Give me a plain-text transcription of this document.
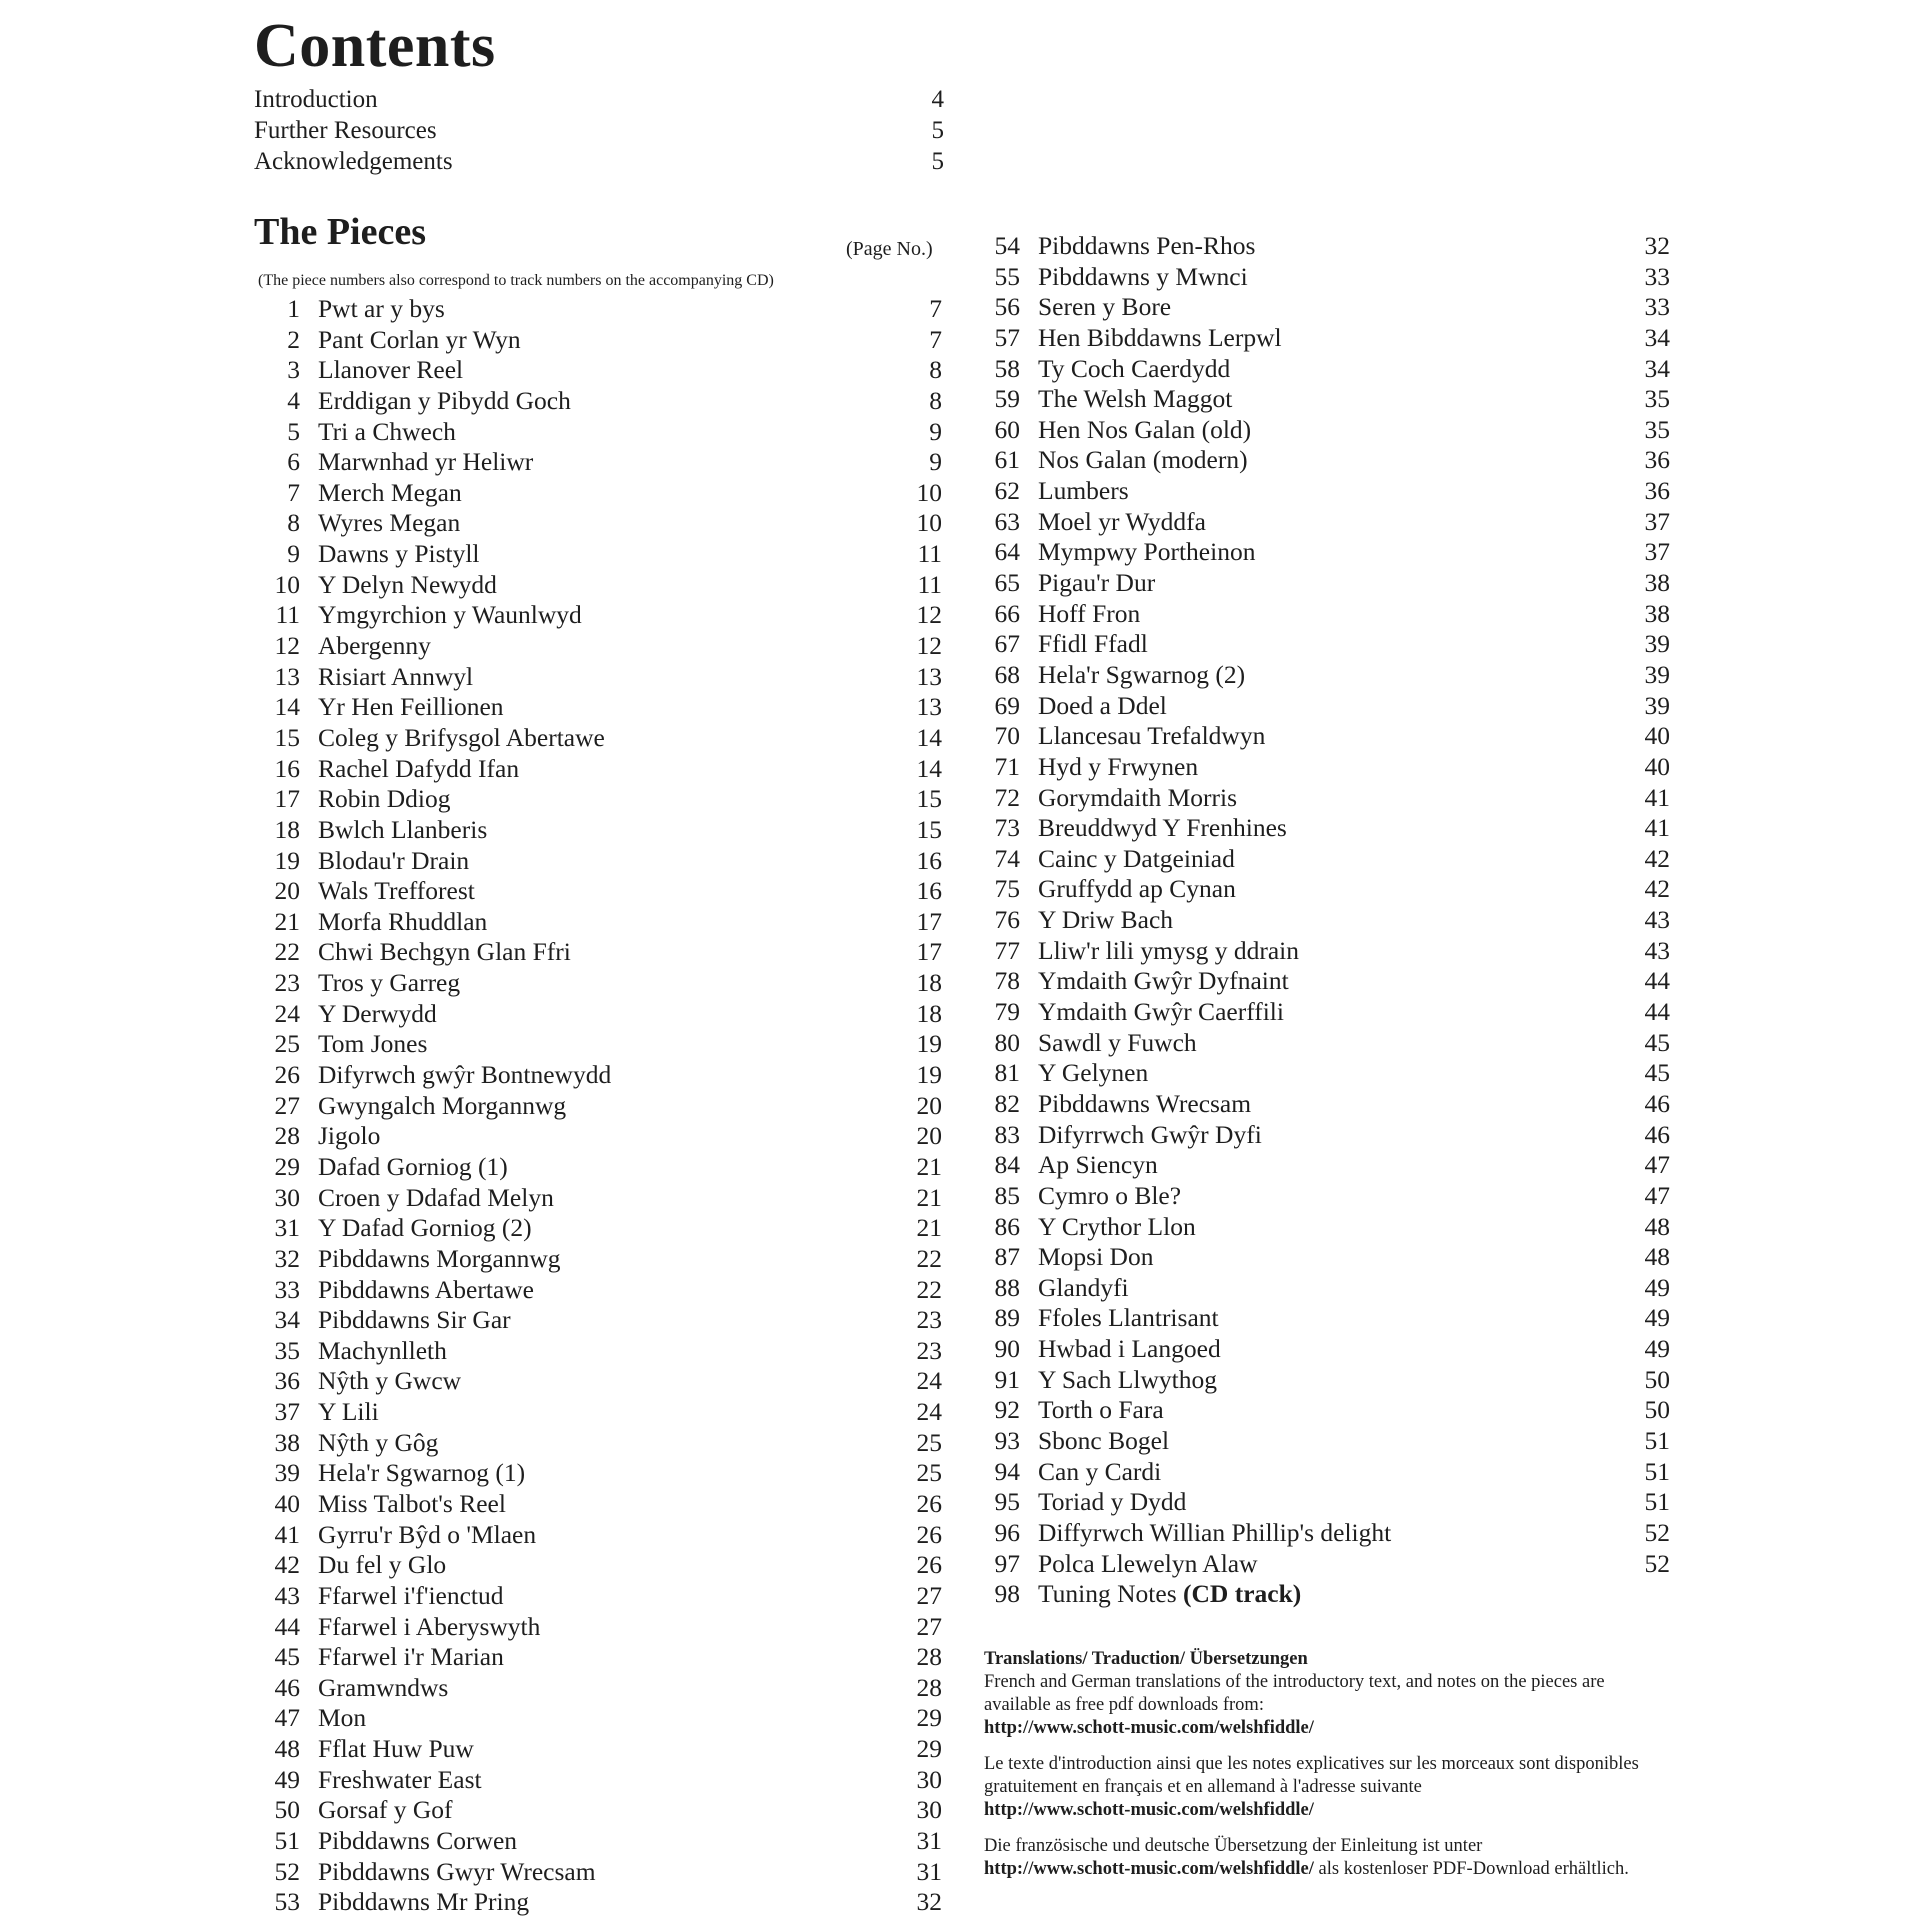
Contents
Introduction	4
Further Resources	5
Acknowledgements	5
The Pieces	(Page No.)
(The piece numbers also correspond to track numbers on the accompanying CD)
1 Pwt ar y bys	7
2 Pant Corlan yr Wyn	7
3 Llanover Reel	8
4 Erddigan y Pibydd Goch	8
5 Tri a Chwech	9
6 Marwnhad yr Heliwr	9
7 Merch Megan	10
8 Wyres Megan	10
9 Dawns y Pistyll	11
10 Y Delyn Newydd	11
11 Ymgyrchion y Waunlwyd	12
12 Abergenny	12
13 Risiart Annwyl	13
14 Yr Hen Feillionen	13
15 Coleg y Brifysgol Abertawe	14
16 Rachel Dafydd Ifan	14
17 Robin Ddiog	15
18 Bwlch Llanberis	15
19 Blodau'r Drain	16
20 Wals Trefforest	16
21 Morfa Rhuddlan	17
22 Chwi Bechgyn Glan Ffri	17
23 Tros y Garreg	18
24 Y Derwydd	18
25 Tom Jones	19
26 Difyrwch gwŷr Bontnewydd	19
27 Gwyngalch Morgannwg	20
28 Jigolo	20
29 Dafad Gorniog (1)	21
30 Croen y Ddafad Melyn	21
31 Y Dafad Gorniog (2)	21
32 Pibddawns Morgannwg	22
33 Pibddawns Abertawe	22
34 Pibddawns Sir Gar	23
35 Machynlleth	23
36 Nŷth y Gwcw	24
37 Y Lili	24
38 Nŷth y Gôg	25
39 Hela'r Sgwarnog (1)	25
40 Miss Talbot's Reel	26
41 Gyrru'r Bŷd o 'Mlaen	26
42 Du fel y Glo	26
43 Ffarwel i'f'ienctud	27
44 Ffarwel i Aberyswyth	27
45 Ffarwel i'r Marian	28
46 Gramwndws	28
47 Mon	29
48 Fflat Huw Puw	29
49 Freshwater East	30
50 Gorsaf y Gof	30
51 Pibddawns Corwen	31
52 Pibddawns Gwyr Wrecsam	31
53 Pibddawns Mr Pring	32
54 Pibddawns Pen-Rhos	32
55 Pibddawns y Mwnci	33
56 Seren y Bore	33
57 Hen Bibddawns Lerpwl	34
58 Ty Coch Caerdydd	34
59 The Welsh Maggot	35
60 Hen Nos Galan (old)	35
61 Nos Galan (modern)	36
62 Lumbers	36
63 Moel yr Wyddfa	37
64 Mympwy Portheinon	37
65 Pigau'r Dur	38
66 Hoff Fron	38
67 Ffidl Ffadl	39
68 Hela'r Sgwarnog (2)	39
69 Doed a Ddel	39
70 Llancesau Trefaldwyn	40
71 Hyd y Frwynen	40
72 Gorymdaith Morris	41
73 Breuddwyd Y Frenhines	41
74 Cainc y Datgeiniad	42
75 Gruffydd ap Cynan	42
76 Y Driw Bach	43
77 Lliw'r lili ymysg y ddrain	43
78 Ymdaith Gwŷr Dyfnaint	44
79 Ymdaith Gwŷr Caerffili	44
80 Sawdl y Fuwch	45
81 Y Gelynen	45
82 Pibddawns Wrecsam	46
83 Difyrrwch Gwŷr Dyfi	46
84 Ap Siencyn	47
85 Cymro o Ble?	47
86 Y Crythor Llon	48
87 Mopsi Don	48
88 Glandyfi	49
89 Ffoles Llantrisant	49
90 Hwbad i Langoed	49
91 Y Sach Llwythog	50
92 Torth o Fara	50
93 Sbonc Bogel	51
94 Can y Cardi	51
95 Toriad y Dydd	51
96 Diffyrwch Willian Phillip's delight	52
97 Polca Llewelyn Alaw	52
98 Tuning Notes (CD track)
Translations/ Traduction/ Übersetzungen

French and German translations of the introductory text, and notes on the pieces are available as free pdf downloads from:
http://www.schott-music.com/welshfiddle/

Le texte d'introduction ainsi que les notes explicatives sur les morceaux sont disponibles gratuitement en français et en allemand à l'adresse suivante
http://www.schott-music.com/welshfiddle/

Die französische und deutsche Übersetzung der Einleitung ist unter
http://www.schott-music.com/welshfiddle/ als kostenloser PDF-Download erhältlich.
